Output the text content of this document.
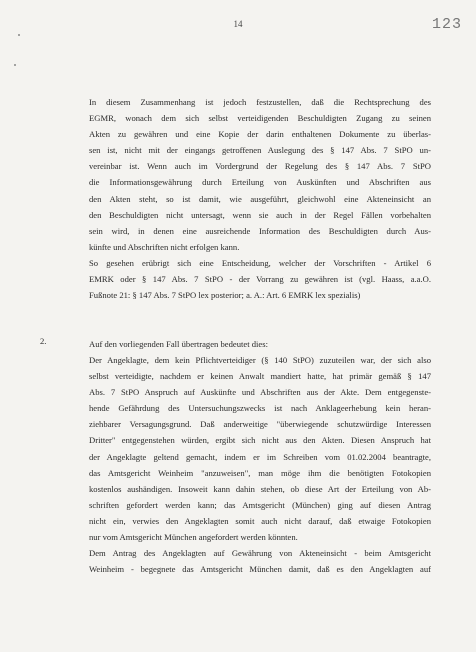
14	123
In diesem Zusammenhang ist jedoch festzustellen, daß die Rechtsprechung des
EGMR, wonach dem sich selbst verteidigenden Beschuldigten Zugang zu seinen
Akten zu gewähren und eine Kopie der darin enthaltenen Dokumente zu überlas-
sen ist, nicht mit der eingangs getroffenen Auslegung des § 147 Abs. 7 StPO un-
vereinbar ist. Wenn auch im Vordergrund der Regelung des § 147 Abs. 7 StPO
die Informationsgewährung durch Erteilung von Auskünften und Abschriften aus
den Akten steht, so ist damit, wie ausgeführt, gleichwohl eine Akteneinsicht an
den Beschuldigten nicht untersagt, wenn sie auch in der Regel Fällen vorbehalten
sein wird, in denen eine ausreichende Information des Beschuldigten durch Aus-
künfte und Abschriften nicht erfolgen kann.
So gesehen erübrigt sich eine Entscheidung, welcher der Vorschriften - Artikel 6
EMRK oder § 147 Abs. 7 StPO - der Vorrang zu gewähren ist (vgl. Haass, a.a.O.
Fußnote 21: § 147 Abs. 7 StPO lex posterior; a. A.: Art. 6 EMRK lex spezialis)
2.	Auf den vorliegenden Fall übertragen bedeutet dies:
Der Angeklagte, dem kein Pflichtverteidiger (§ 140 StPO) zuzuteilen war, der sich also
selbst verteidigte, nachdem er keinen Anwalt mandiert hatte, hat primär gemäß § 147
Abs. 7 StPO Anspruch auf Auskünfte und Abschriften aus der Akte. Dem entgegenste-
hende Gefährdung des Untersuchungszwecks ist nach Anklageerhebung kein heran-
ziehbarer Versagungsgrund. Daß anderweitige "überwiegende schutzwürdige Interessen
Dritter" entgegenstehen würden, ergibt sich nicht aus den Akten. Diesen Anspruch hat
der Angeklagte geltend gemacht, indem er im Schreiben vom 01.02.2004 beantragte,
das Amtsgericht Weinheim "anzuweisen", man möge ihm die benötigten Fotokopien
kostenlos aushändigen. Insoweit kann dahin stehen, ob diese Art der Erteilung von Ab-
schriften gefordert werden kann; das Amtsgericht (München) ging auf diesen Antrag
nicht ein, verwies den Angeklagten somit auch nicht darauf, daß etwaige Fotokopien
nur vom Amtsgericht München angefordert werden könnten.
Dem Antrag des Angeklagten auf Gewährung von Akteneinsicht - beim Amtsgericht
Weinheim - begegnete das Amtsgericht München damit, daß es den Angeklagten auf
